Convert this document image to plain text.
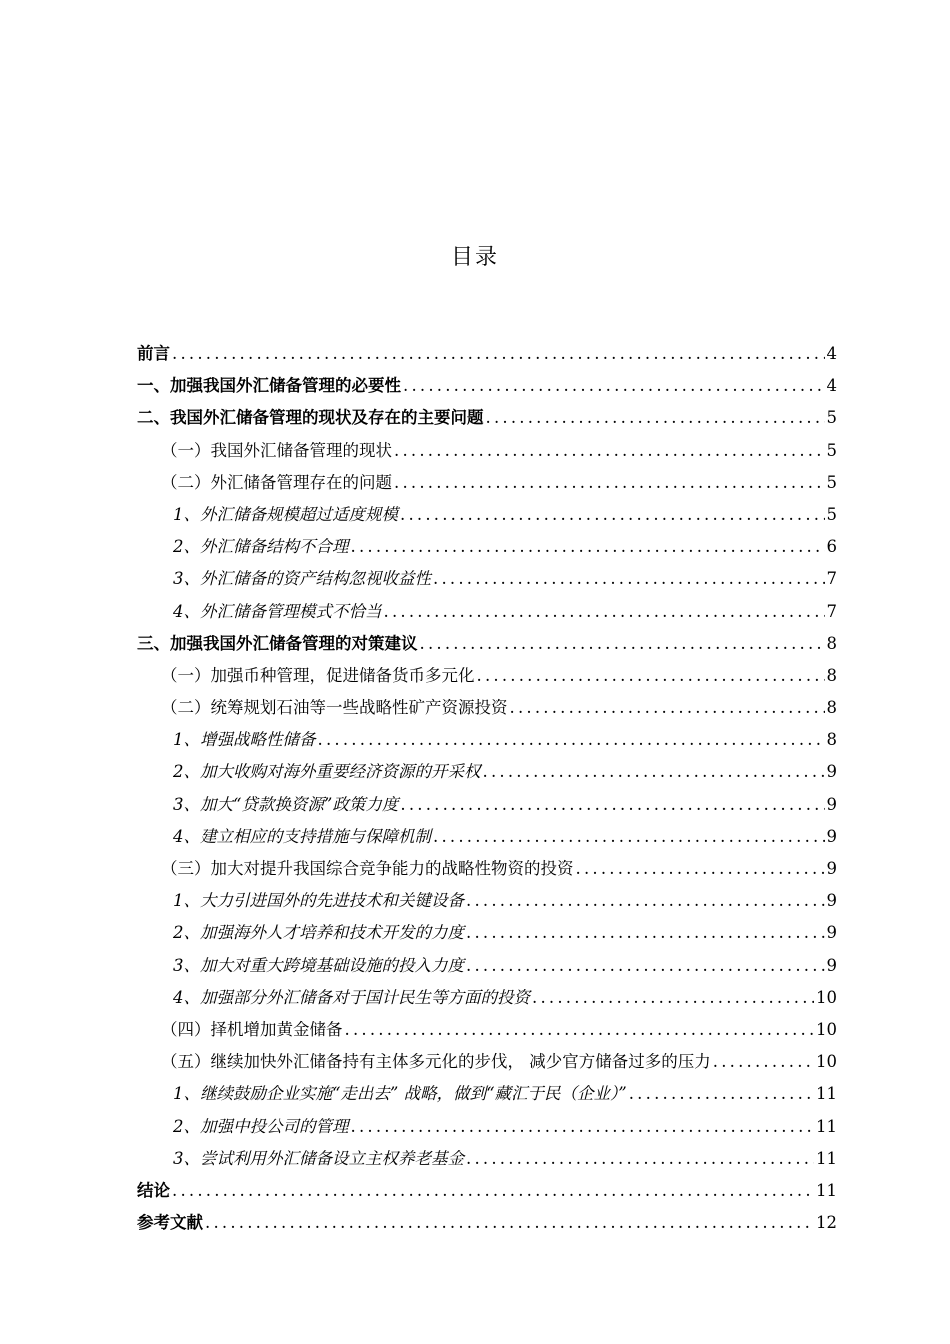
目录
前言 .....	4
一、加强我国外汇储备管理的必要性 .....	4
二、我国外汇储备管理的现状及存在的主要问题 .....	5
（一）我国外汇储备管理的现状 .....	5
（二）外汇储备管理存在的问题 .....	5
1、外汇储备规模超过适度规模 .....	5
2、外汇储备结构不合理 .....	6
3、外汇储备的资产结构忽视收益性 .....	7
4、外汇储备管理模式不恰当 .....	7
三、加强我国外汇储备管理的对策建议 .....	8
（一）加强币种管理，促进储备货币多元化 .....	8
（二）统筹规划石油等一些战略性矿产资源投资 .....	8
1、增强战略性储备 .....	8
2、加大收购对海外重要经济资源的开采权 .....	9
3、加大“贷款换资源”政策力度 .....	9
4、建立相应的支持措施与保障机制 .....	9
（三）加大对提升我国综合竞争能力的战略性物资的投资 .....	9
1、大力引进国外的先进技术和关键设备 .....	9
2、加强海外人才培养和技术开发的力度 .....	9
3、加大对重大跨境基础设施的投入力度 .....	9
4、加强部分外汇储备对于国计民生等方面的投资 .....	10
（四）择机增加黄金储备 .....	10
（五）继续加快外汇储备持有主体多元化的步伐， 减少官方储备过多的压力 .....	10
1、继续鼓励企业实施“走出去” 战略，做到“藏汇于民（企业）” .....	11
2、加强中投公司的管理 .....	11
3、尝试利用外汇储备设立主权养老基金 .....	11
结论 .....	11
参考文献 .....	12
